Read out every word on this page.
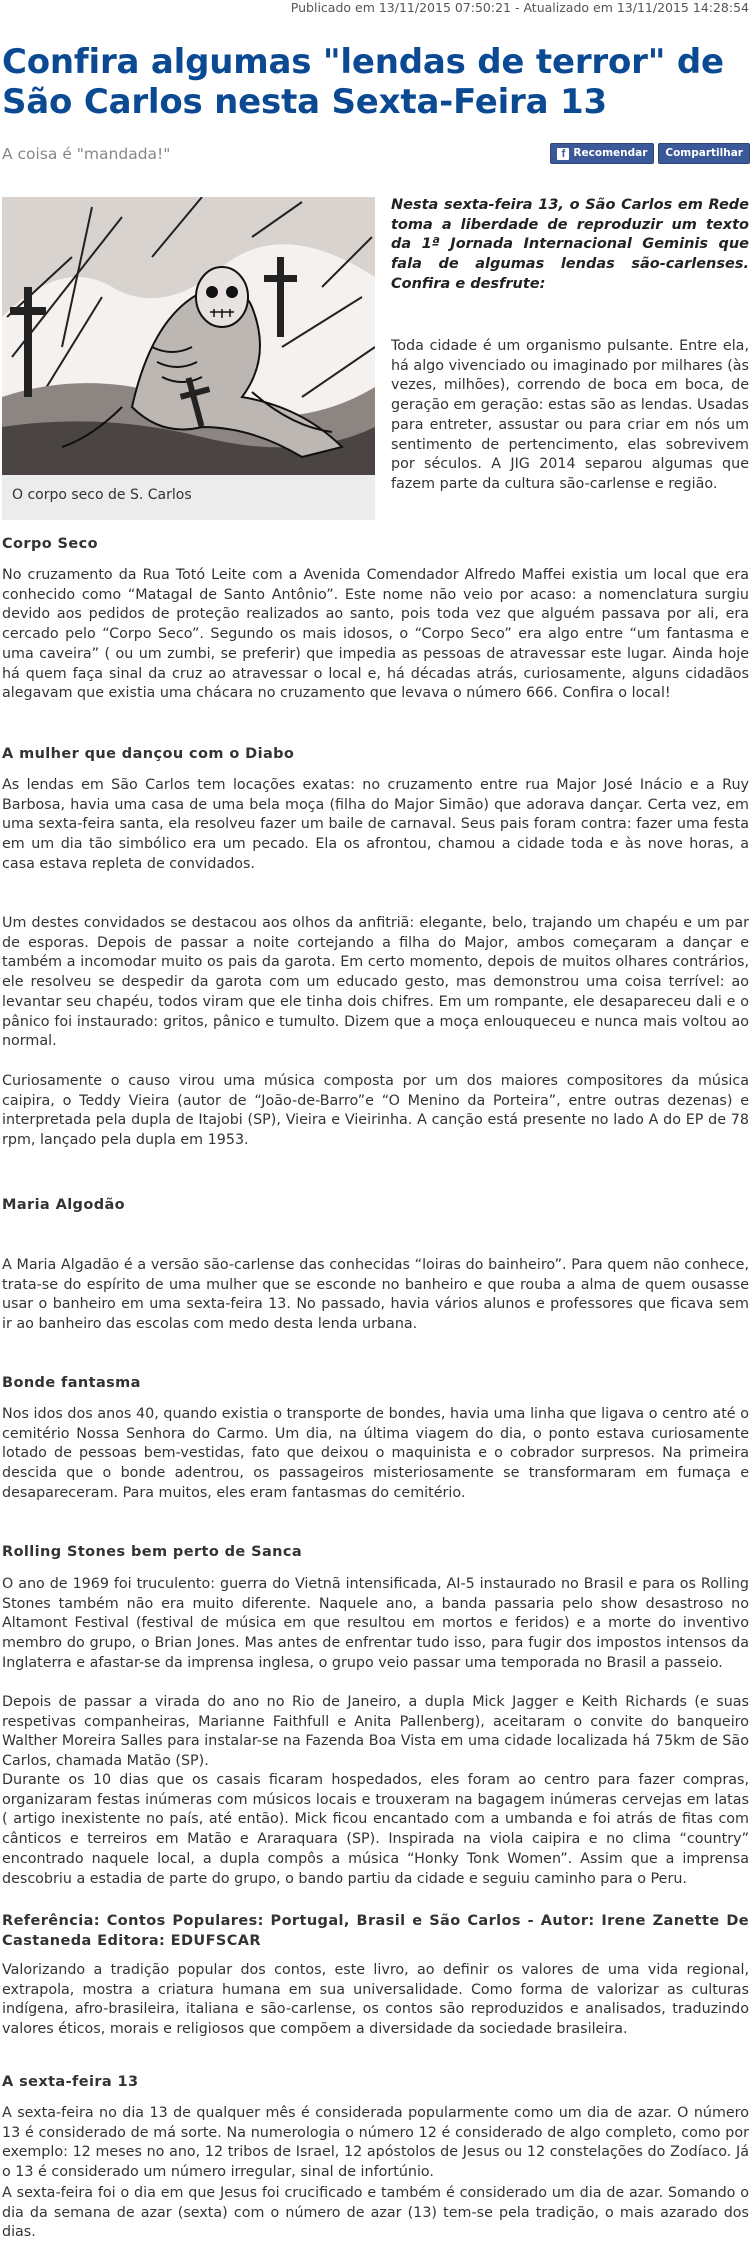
Publicado em 13/11/2015 07:50:21 - Atualizado em 13/11/2015 14:28:54
Confira algumas "lendas de terror" de São Carlos nesta Sexta-Feira 13

A coisa é "mandada!"	f Recomendar Compartilhar
O corpo seco de S. Carlos

Nesta sexta-feira 13, o São Carlos em Rede toma a liberdade de reproduzir um texto da 1ª Jornada Internacional Geminis que fala de algumas lendas são-carlenses. Confira e desfrute:

Toda cidade é um organismo pulsante. Entre ela, há algo vivenciado ou imaginado por milhares (às vezes, milhões), correndo de boca em boca, de geração em geração: estas são as lendas. Usadas para entreter, assustar ou para criar em nós um sentimento de pertencimento, elas sobrevivem por séculos. A JIG 2014 separou algumas que fazem parte da cultura são-carlense e região.

Corpo Seco

No cruzamento da Rua Totó Leite com a Avenida Comendador Alfredo Maffei existia um local que era conhecido como “Matagal de Santo Antônio”. Este nome não veio por acaso: a nomenclatura surgiu devido aos pedidos de proteção realizados ao santo, pois toda vez que alguém passava por ali, era cercado pelo “Corpo Seco”. Segundo os mais idosos, o “Corpo Seco” era algo entre “um fantasma e uma caveira” ( ou um zumbi, se preferir) que impedia as pessoas de atravessar este lugar. Ainda hoje há quem faça sinal da cruz ao atravessar o local e, há décadas atrás, curiosamente, alguns cidadãos alegavam que existia uma chácara no cruzamento que levava o número 666. Confira o local!

A mulher que dançou com o Diabo

As lendas em São Carlos tem locações exatas: no cruzamento entre rua Major José Inácio e a Ruy Barbosa, havia uma casa de uma bela moça (filha do Major Simão) que adorava dançar. Certa vez, em uma sexta-feira santa, ela resolveu fazer um baile de carnaval. Seus pais foram contra: fazer uma festa em um dia tão simbólico era um pecado. Ela os afrontou, chamou a cidade toda e às nove horas, a casa estava repleta de convidados.

Um destes convidados se destacou aos olhos da anfitriã: elegante, belo, trajando um chapéu e um par de esporas. Depois de passar a noite cortejando a filha do Major, ambos começaram a dançar e também a incomodar muito os pais da garota. Em certo momento, depois de muitos olhares contrários, ele resolveu se despedir da garota com um educado gesto, mas demonstrou uma coisa terrível: ao levantar seu chapéu, todos viram que ele tinha dois chifres. Em um rompante, ele desapareceu dali e o pânico foi instaurado: gritos, pânico e tumulto. Dizem que a moça enlouqueceu e nunca mais voltou ao normal.

Curiosamente o causo virou uma música composta por um dos maiores compositores da música caipira, o Teddy Vieira (autor de “João-de-Barro”e “O Menino da Porteira”, entre outras dezenas) e interpretada pela dupla de Itajobi (SP), Vieira e Vieirinha. A canção está presente no lado A do EP de 78 rpm, lançado pela dupla em 1953.

Maria Algodão

A Maria Algadão é a versão são-carlense das conhecidas “loiras do bainheiro”. Para quem não conhece, trata-se do espírito de uma mulher que se esconde no banheiro e que rouba a alma de quem ousasse usar o banheiro em uma sexta-feira 13. No passado, havia vários alunos e professores que ficava sem ir ao banheiro das escolas com medo desta lenda urbana.

Bonde fantasma

Nos idos dos anos 40, quando existia o transporte de bondes, havia uma linha que ligava o centro até o cemitério Nossa Senhora do Carmo. Um dia, na última viagem do dia, o ponto estava curiosamente lotado de pessoas bem-vestidas, fato que deixou o maquinista e o cobrador surpresos. Na primeira descida que o bonde adentrou, os passageiros misteriosamente se transformaram em fumaça e desapareceram. Para muitos, eles eram fantasmas do cemitério.

Rolling Stones bem perto de Sanca

O ano de 1969 foi truculento: guerra do Vietnã intensificada, AI-5 instaurado no Brasil e para os Rolling Stones também não era muito diferente. Naquele ano, a banda passaria pelo show desastroso no Altamont Festival (festival de música em que resultou em mortos e feridos) e a morte do inventivo membro do grupo, o Brian Jones. Mas antes de enfrentar tudo isso, para fugir dos impostos intensos da Inglaterra e afastar-se da imprensa inglesa, o grupo veio passar uma temporada no Brasil a passeio.

Depois de passar a virada do ano no Rio de Janeiro, a dupla Mick Jagger e Keith Richards (e suas respetivas companheiras, Marianne Faithfull e Anita Pallenberg), aceitaram o convite do banqueiro Walther Moreira Salles para instalar-se na Fazenda Boa Vista em uma cidade localizada há 75km de São Carlos, chamada Matão (SP).

Durante os 10 dias que os casais ficaram hospedados, eles foram ao centro para fazer compras, organizaram festas inúmeras com músicos locais e trouxeram na bagagem inúmeras cervejas em latas ( artigo inexistente no país, até então). Mick ficou encantado com a umbanda e foi atrás de fitas com cânticos e terreiros em Matão e Araraquara (SP). Inspirada na viola caipira e no clima “country” encontrado naquele local, a dupla compôs a música “Honky Tonk Women”. Assim que a imprensa descobriu a estadia de parte do grupo, o bando partiu da cidade e seguiu caminho para o Peru.

Referência: Contos Populares: Portugal, Brasil e São Carlos - Autor: Irene Zanette De Castaneda Editora: EDUFSCAR

Valorizando a tradição popular dos contos, este livro, ao definir os valores de uma vida regional, extrapola, mostra a criatura humana em sua universalidade. Como forma de valorizar as culturas indígena, afro-brasileira, italiana e são-carlense, os contos são reproduzidos e analisados, traduzindo valores éticos, morais e religiosos que compõem a diversidade da sociedade brasileira.

A sexta-feira 13

A sexta-feira no dia 13 de qualquer mês é considerada popularmente como um dia de azar. O número 13 é considerado de má sorte. Na numerologia o número 12 é considerado de algo completo, como por exemplo: 12 meses no ano, 12 tribos de Israel, 12 apóstolos de Jesus ou 12 constelações do Zodíaco. Já o 13 é considerado um número irregular, sinal de infortúnio.

A sexta-feira foi o dia em que Jesus foi crucificado e também é considerado um dia de azar. Somando o dia da semana de azar (sexta) com o número de azar (13) tem-se pela tradição, o mais azarado dos dias.
